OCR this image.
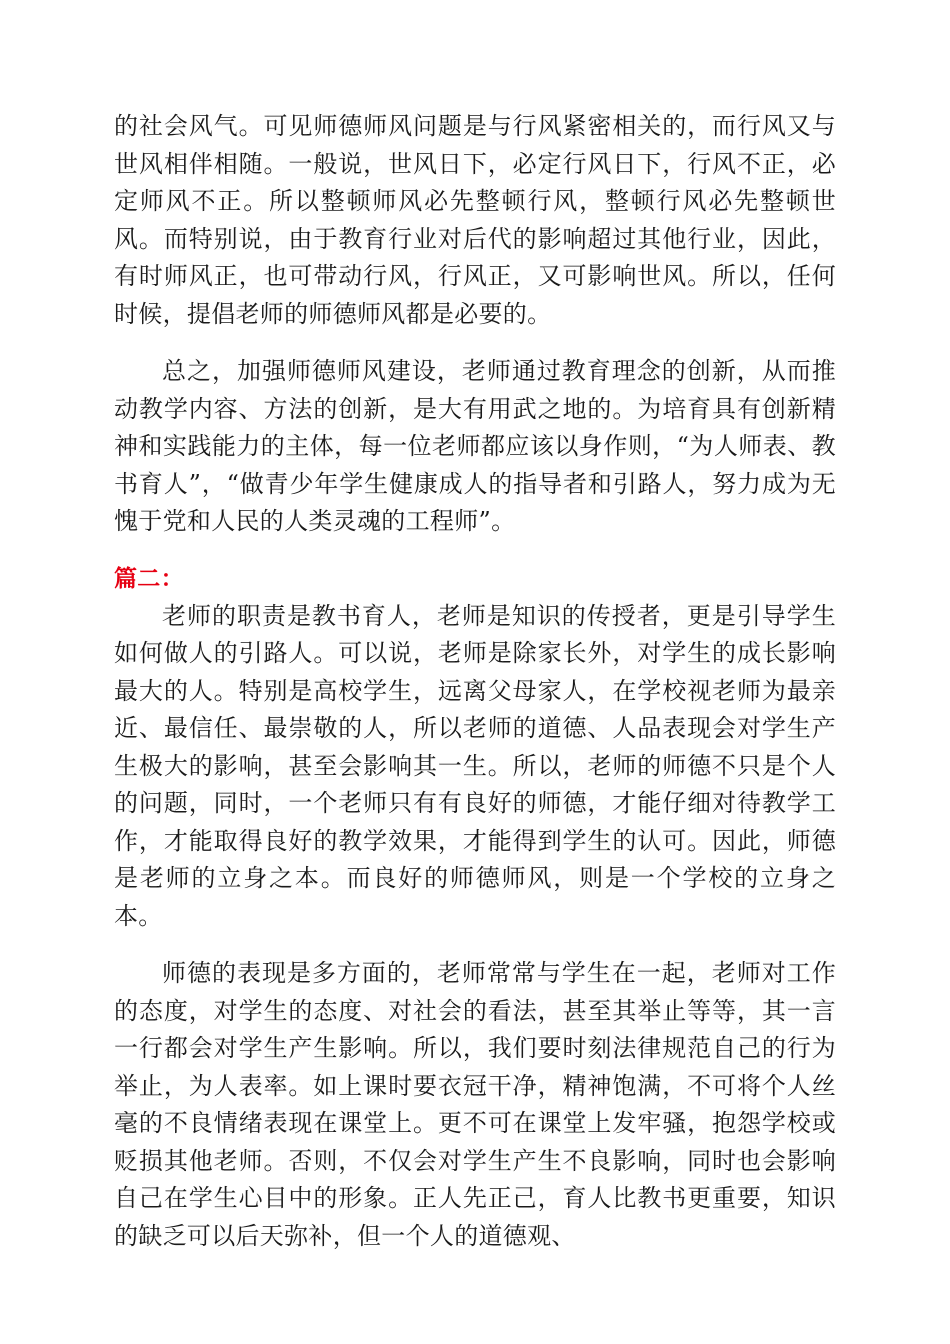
的社会风气。可见师德师风问题是与行风紧密相关的，而行风又与世风相伴相随。一般说，世风日下，必定行风日下，行风不正，必定师风不正。所以整顿师风必先整顿行风，整顿行风必先整顿世风。而特别说，由于教育行业对后代的影响超过其他行业，因此，有时师风正，也可带动行风，行风正，又可影响世风。所以，任何时候，提倡老师的师德师风都是必要的。

总之，加强师德师风建设，老师通过教育理念的创新，从而推动教学内容、方法的创新，是大有用武之地的。为培育具有创新精神和实践能力的主体，每一位老师都应该以身作则，“为人师表、教书育人”，“做青少年学生健康成人的指导者和引路人，努力成为无愧于党和人民的人类灵魂的工程师”。

篇二：

老师的职责是教书育人，老师是知识的传授者，更是引导学生如何做人的引路人。可以说，老师是除家长外，对学生的成长影响最大的人。特别是高校学生，远离父母家人，在学校视老师为最亲近、最信任、最崇敬的人，所以老师的道德、人品表现会对学生产生极大的影响，甚至会影响其一生。所以，老师的师德不只是个人的问题，同时，一个老师只有有良好的师德，才能仔细对待教学工作，才能取得良好的教学效果，才能得到学生的认可。因此，师德是老师的立身之本。而良好的师德师风，则是一个学校的立身之本。

师德的表现是多方面的，老师常常与学生在一起，老师对工作的态度，对学生的态度、对社会的看法，甚至其举止等等，其一言一行都会对学生产生影响。所以，我们要时刻法律规范自己的行为举止，为人表率。如上课时要衣冠干净，精神饱满，不可将个人丝毫的不良情绪表现在课堂上。更不可在课堂上发牢骚，抱怨学校或贬损其他老师。否则，不仅会对学生产生不良影响，同时也会影响自己在学生心目中的形象。正人先正己，育人比教书更重要，知识的缺乏可以后天弥补，但一个人的道德观、
